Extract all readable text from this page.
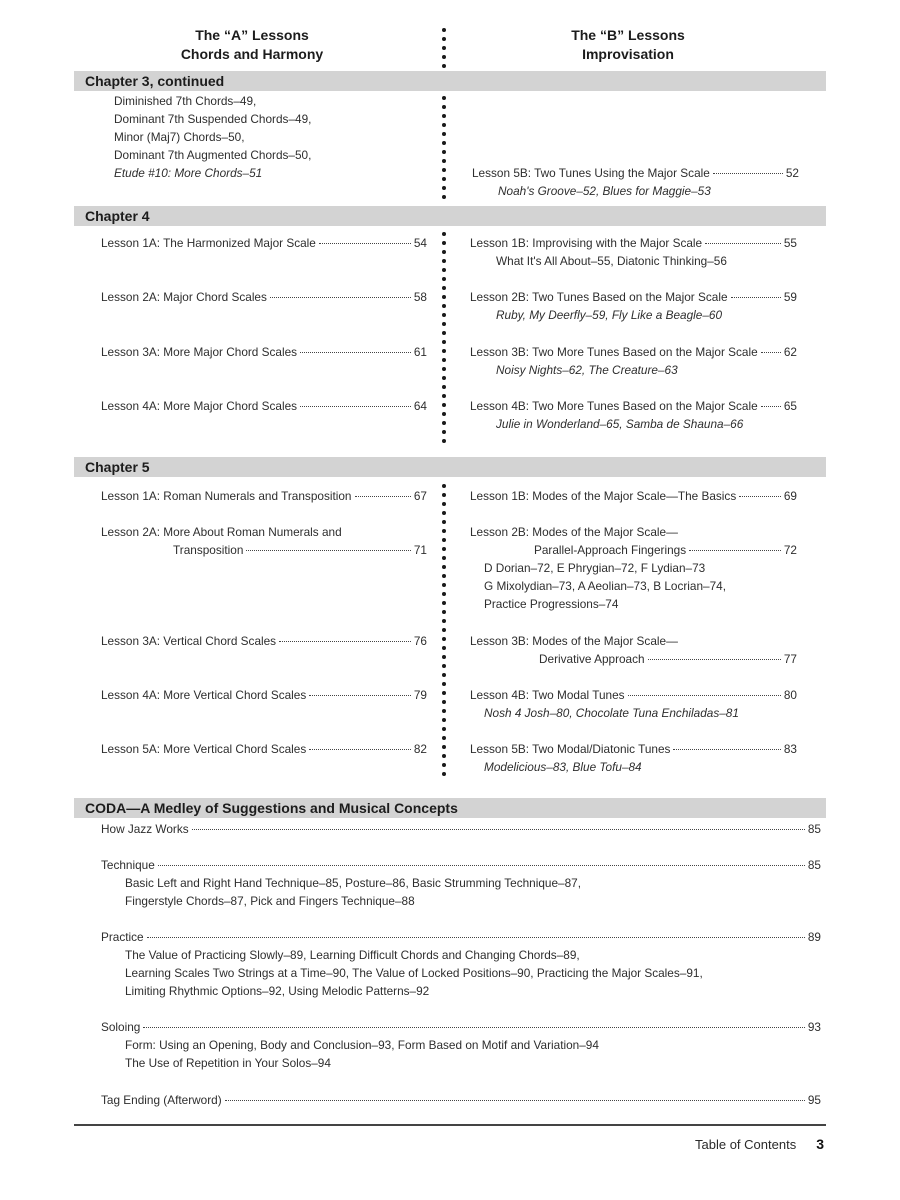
The “A” Lessons
Chords and Harmony
The “B” Lessons
Improvisation
Chapter 3, continued
Diminished 7th Chords–49,
Dominant 7th Suspended Chords–49,
Minor (Maj7) Chords–50,
Dominant 7th Augmented Chords–50,
Etude #10: More Chords–51	Lesson 5B: Two Tunes Using the Major Scale	52
Noah's Groove–52, Blues for Maggie–53
Chapter 4
Lesson 1A: The Harmonized Major Scale	54
Lesson 2A: Major Chord Scales	58
Lesson 3A: More Major Chord Scales	61
Lesson 4A: More Major Chord Scales	64
Lesson 1B: Improvising with the Major Scale	55
What It's All About–55, Diatonic Thinking–56
Lesson 2B: Two Tunes Based on the Major Scale	59
Ruby, My Deerfly–59, Fly Like a Beagle–60
Lesson 3B: Two More Tunes Based on the Major Scale 62
Noisy Nights–62, The Creature–63
Lesson 4B: Two More Tunes Based on the Major Scale 65
Julie in Wonderland–65, Samba de Shauna–66
Chapter 5
Lesson 1A: Roman Numerals and Transposition	67
Lesson 2A: More About Roman Numerals and
Transposition	71
Lesson 3A: Vertical Chord Scales	76
Lesson 4A: More Vertical Chord Scales	79
Lesson 5A: More Vertical Chord Scales	82
Lesson 1B: Modes of the Major Scale—The Basics	69
Lesson 2B: Modes of the Major Scale—
Parallel-Approach Fingerings	72
D Dorian–72, E Phrygian–72, F Lydian–73
G Mixolydian–73, A Aeolian–73, B Locrian–74,
Practice Progressions–74
Lesson 3B: Modes of the Major Scale—
Derivative Approach	77
Lesson 4B: Two Modal Tunes	80
Nosh 4 Josh–80, Chocolate Tuna Enchiladas–81
Lesson 5B: Two Modal/Diatonic Tunes	83
Modelicious–83, Blue Tofu–84
CODA—A Medley of Suggestions and Musical Concepts
How Jazz Works	85
Technique	85
Basic Left and Right Hand Technique–85, Posture–86, Basic Strumming Technique–87,
Fingerstyle Chords–87, Pick and Fingers Technique–88
Practice	89
The Value of Practicing Slowly–89, Learning Difficult Chords and Changing Chords–89,
Learning Scales Two Strings at a Time–90, The Value of Locked Positions–90, Practicing the Major Scales–91,
Limiting Rhythmic Options–92, Using Melodic Patterns–92
Soloing	93
Form: Using an Opening, Body and Conclusion–93, Form Based on Motif and Variation–94
The Use of Repetition in Your Solos–94
Tag Ending (Afterword)	95
Table of Contents 3
